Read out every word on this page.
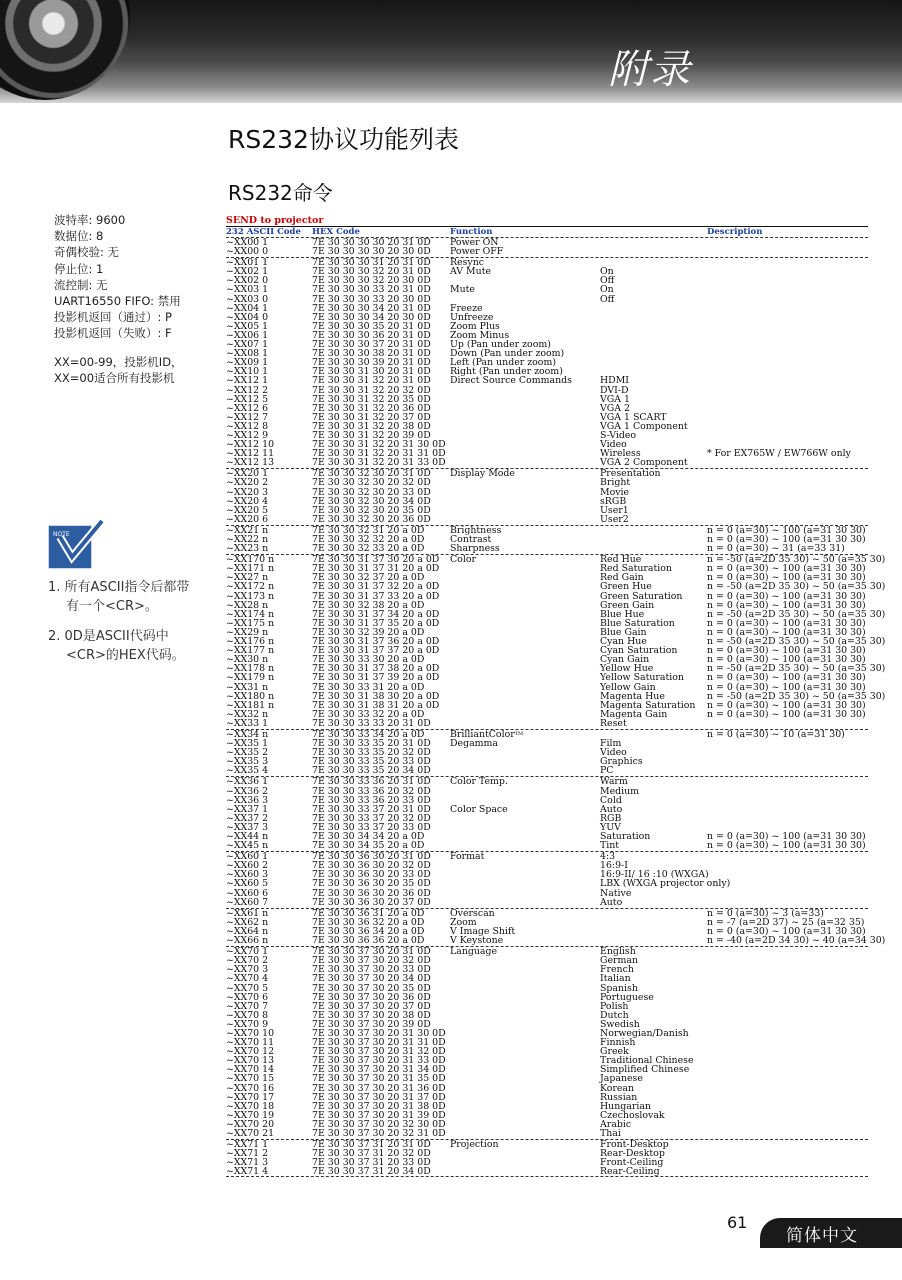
附录
RS232协议功能列表
RS232命令
波特率: 9600
数据位: 8
奇偶校验: 无
停止位: 1
流控制: 无
UART16550 FIFO: 禁用
投影机返回（通过）: P
投影机返回（失败）: F
XX=00-99，投影机ID，
XX=00适合所有投影机
NOTE
1. 所有ASCII指令后都带
有一个<CR>。
2. 0D是ASCII代码中
<CR>的HEX代码。
SEND to projector
232 ASCII Code HEX Code	Function	Description
~XX00 1	7E 30 30 30 30 20 31 0D Power ON
~XX00 0	7E 30 30 30 30 20 30 0D Power OFF
~XX01 1	7E 30 30 30 31 20 31 0D Resync
~XX02 1	7E 30 30 30 32 20 31 0D AV Mute	On
~XX02 0	7E 30 30 30 32 20 30 0D	Off
~XX03 1	7E 30 30 30 33 20 31 0D Mute	On
~XX03 0	7E 30 30 30 33 20 30 0D	Off
~XX04 1	7E 30 30 30 34 20 31 0D Freeze
~XX04 0	7E 30 30 30 34 20 30 0D Unfreeze
~XX05 1	7E 30 30 30 35 20 31 0D Zoom Plus
~XX06 1	7E 30 30 30 36 20 31 0D Zoom Minus
~XX07 1	7E 30 30 30 37 20 31 0D Up (Pan under zoom)
~XX08 1	7E 30 30 30 38 20 31 0D Down (Pan under zoom)
~XX09 1	7E 30 30 30 39 20 31 0D Left (Pan under zoom)
~XX10 1	7E 30 30 31 30 20 31 0D Right (Pan under zoom)
~XX12 1	7E 30 30 31 32 20 31 0D Direct Source Commands	HDMI
~XX12 2	7E 30 30 31 32 20 32 0D	DVI-D
~XX12 5	7E 30 30 31 32 20 35 0D	VGA 1
~XX12 6	7E 30 30 31 32 20 36 0D	VGA 2
~XX12 7	7E 30 30 31 32 20 37 0D	VGA 1 SCART
~XX12 8	7E 30 30 31 32 20 38 0D	VGA 1 Component
~XX12 9	7E 30 30 31 32 20 39 0D	S-Video
~XX12 10	7E 30 30 31 32 20 31 30 0D	Video
~XX12 11	7E 30 30 31 32 20 31 31 0D	Wireless	* For EX765W / EW766W only
~XX12 13	7E 30 30 31 32 20 31 33 0D	VGA 2 Component
~XX20 1	7E 30 30 32 30 20 31 0D Display Mode	Presentation
~XX20 2	7E 30 30 32 30 20 32 0D	Bright
~XX20 3	7E 30 30 32 30 20 33 0D	Movie
~XX20 4	7E 30 30 32 30 20 34 0D	sRGB
~XX20 5	7E 30 30 32 30 20 35 0D	User1
~XX20 6	7E 30 30 32 30 20 36 0D	User2
~XX21 n	7E 30 30 32 31 20 a 0D	Brightness	n = 0 (a=30) ~ 100 (a=31 30 30)
~XX22 n	7E 30 30 32 32 20 a 0D	Contrast	n = 0 (a=30) ~ 100 (a=31 30 30)
~XX23 n	7E 30 30 32 33 20 a 0D	Sharpness	n = 0 (a=30) ~ 31 (a=33 31)
~XX170 n	7E 30 30 31 37 30 20 a 0D Color	Red Hue	n = -50 (a=2D 35 30) ~ 50 (a=35 30)
~XX171 n	7E 30 30 31 37 31 20 a 0D	Red Saturation	n = 0 (a=30) ~ 100 (a=31 30 30)
~XX27 n	7E 30 30 32 37 20 a 0D	Red Gain	n = 0 (a=30) ~ 100 (a=31 30 30)
~XX172 n	7E 30 30 31 37 32 20 a 0D	Green Hue	n = -50 (a=2D 35 30) ~ 50 (a=35 30)
~XX173 n	7E 30 30 31 37 33 20 a 0D	Green Saturation	n = 0 (a=30) ~ 100 (a=31 30 30)
~XX28 n	7E 30 30 32 38 20 a 0D	Green Gain	n = 0 (a=30) ~ 100 (a=31 30 30)
~XX174 n	7E 30 30 31 37 34 20 a 0D	Blue Hue	n = -50 (a=2D 35 30) ~ 50 (a=35 30)
~XX175 n	7E 30 30 31 37 35 20 a 0D	Blue Saturation	n = 0 (a=30) ~ 100 (a=31 30 30)
~XX29 n	7E 30 30 32 39 20 a 0D	Blue Gain	n = 0 (a=30) ~ 100 (a=31 30 30)
~XX176 n	7E 30 30 31 37 36 20 a 0D	Cyan Hue	n = -50 (a=2D 35 30) ~ 50 (a=35 30)
~XX177 n	7E 30 30 31 37 37 20 a 0D	Cyan Saturation	n = 0 (a=30) ~ 100 (a=31 30 30)
~XX30 n	7E 30 30 33 30 20 a 0D	Cyan Gain	n = 0 (a=30) ~ 100 (a=31 30 30)
~XX178 n	7E 30 30 31 37 38 20 a 0D	Yellow Hue	n = -50 (a=2D 35 30) ~ 50 (a=35 30)
~XX179 n	7E 30 30 31 37 39 20 a 0D	Yellow Saturation n = 0 (a=30) ~ 100 (a=31 30 30)
~XX31 n	7E 30 30 33 31 20 a 0D	Yellow Gain	n = 0 (a=30) ~ 100 (a=31 30 30)
~XX180 n	7E 30 30 31 38 30 20 a 0D	Magenta Hue	n = -50 (a=2D 35 30) ~ 50 (a=35 30)
~XX181 n	7E 30 30 31 38 31 20 a 0D	Magenta Saturation n = 0 (a=30) ~ 100 (a=31 30 30)
~XX32 n	7E 30 30 33 32 20 a 0D	Magenta Gain	n = 0 (a=30) ~ 100 (a=31 30 30)
~XX33 1	7E 30 30 33 33 20 31 0D	Reset
~XX34 n	7E 30 30 33 34 20 a 0D	BrilliantColor™	n = 0 (a=30) ~ 10 (a=31 30)
~XX35 1	7E 30 30 33 35 20 31 0D Degamma	Film
~XX35 2	7E 30 30 33 35 20 32 0D	Video
~XX35 3	7E 30 30 33 35 20 33 0D	Graphics
~XX35 4	7E 30 30 33 35 20 34 0D	PC
~XX36 1	7E 30 30 33 36 20 31 0D Color Temp.	Warm
~XX36 2	7E 30 30 33 36 20 32 0D	Medium
~XX36 3	7E 30 30 33 36 20 33 0D	Cold
~XX37 1	7E 30 30 33 37 20 31 0D Color Space	Auto
~XX37 2	7E 30 30 33 37 20 32 0D	RGB
~XX37 3	7E 30 30 33 37 20 33 0D	YUV
~XX44 n	7E 30 30 34 34 20 a 0D	Saturation	n = 0 (a=30) ~ 100 (a=31 30 30)
~XX45 n	7E 30 30 34 35 20 a 0D	Tint	n = 0 (a=30) ~ 100 (a=31 30 30)
~XX60 1	7E 30 30 36 30 20 31 0D Format	4:3
~XX60 2	7E 30 30 36 30 20 32 0D	16:9-I
~XX60 3	7E 30 30 36 30 20 33 0D	16:9-II/ 16 :10 (WXGA)
~XX60 5	7E 30 30 36 30 20 35 0D	LBX (WXGA projector only)
~XX60 6	7E 30 30 36 30 20 36 0D	Native
~XX60 7	7E 30 30 36 30 20 37 0D	Auto
~XX61 n	7E 30 30 36 31 20 a 0D	Overscan	n = 0 (a=30) ~ 3 (a=33)
~XX62 n	7E 30 30 36 32 20 a 0D	Zoom	n = -7 (a=2D 37) ~ 25 (a=32 35)
~XX64 n	7E 30 30 36 34 20 a 0D	V Image Shift	n = 0 (a=30) ~ 100 (a=31 30 30)
~XX66 n	7E 30 30 36 36 20 a 0D	V Keystone	n = -40 (a=2D 34 30) ~ 40 (a=34 30)
~XX70 1	7E 30 30 37 30 20 31 0D Language	English
~XX70 2	7E 30 30 37 30 20 32 0D	German
~XX70 3	7E 30 30 37 30 20 33 0D	French
~XX70 4	7E 30 30 37 30 20 34 0D	Italian
~XX70 5	7E 30 30 37 30 20 35 0D	Spanish
~XX70 6	7E 30 30 37 30 20 36 0D	Portuguese
~XX70 7	7E 30 30 37 30 20 37 0D	Polish
~XX70 8	7E 30 30 37 30 20 38 0D	Dutch
~XX70 9	7E 30 30 37 30 20 39 0D	Swedish
~XX70 10	7E 30 30 37 30 20 31 30 0D	Norwegian/Danish
~XX70 11	7E 30 30 37 30 20 31 31 0D	Finnish
~XX70 12	7E 30 30 37 30 20 31 32 0D	Greek
~XX70 13	7E 30 30 37 30 20 31 33 0D	Traditional Chinese
~XX70 14	7E 30 30 37 30 20 31 34 0D	Simplified Chinese
~XX70 15	7E 30 30 37 30 20 31 35 0D	Japanese
~XX70 16	7E 30 30 37 30 20 31 36 0D	Korean
~XX70 17	7E 30 30 37 30 20 31 37 0D	Russian
~XX70 18	7E 30 30 37 30 20 31 38 0D	Hungarian
~XX70 19	7E 30 30 37 30 20 31 39 0D	Czechoslovak
~XX70 20	7E 30 30 37 30 20 32 30 0D	Arabic
~XX70 21	7E 30 30 37 30 20 32 31 0D	Thai
~XX71 1	7E 30 30 37 31 20 31 0D Projection	Front-Desktop
~XX71 2	7E 30 30 37 31 20 32 0D	Rear-Desktop
~XX71 3	7E 30 30 37 31 20 33 0D	Front-Ceiling
~XX71 4	7E 30 30 37 31 20 34 0D	Rear-Ceiling
61
简体中文
